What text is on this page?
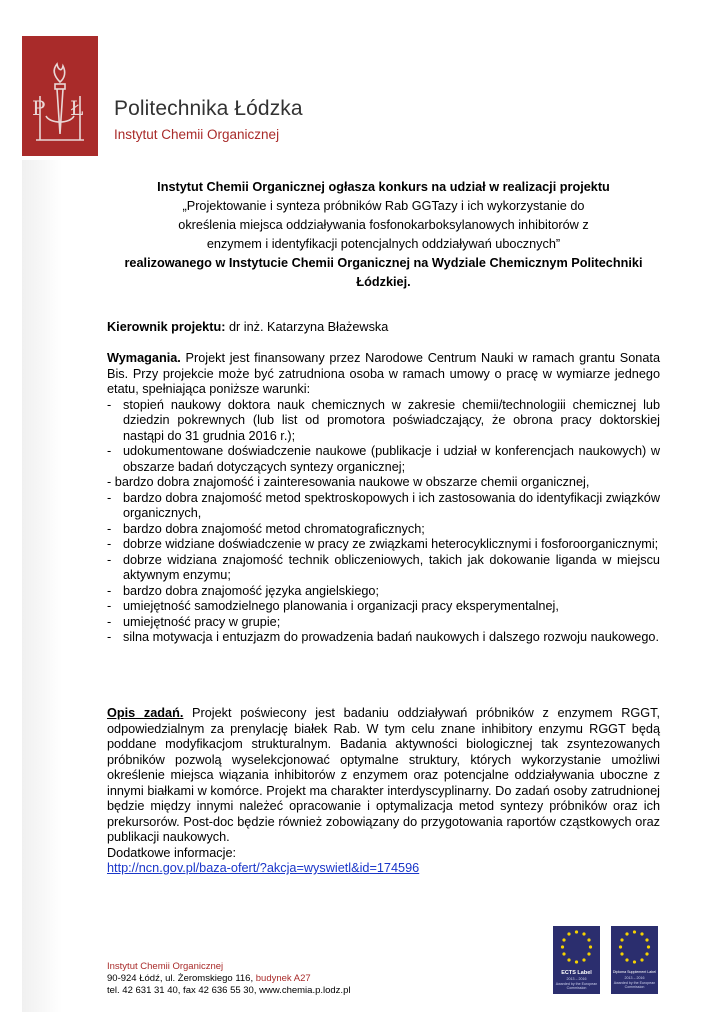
P Ł Politechnika Łódzka
Instytut Chemii Organicznej
Instytut Chemii Organicznej ogłasza konkurs na udział w realizacji projektu
„Projektowanie i synteza próbników Rab GGTazy i ich wykorzystanie do określenia miejsca oddziaływania fosfonokarboksylanowych inhibitorów z enzymem i identyfikacji potencjalnych oddziaływań ubocznych”
realizowanego w Instytucie Chemii Organicznej na Wydziale Chemicznym Politechniki Łódzkiej.
Kierownik projektu: dr inż. Katarzyna Błażewska
Wymagania. Projekt jest finansowany przez Narodowe Centrum Nauki w ramach grantu Sonata Bis. Przy projekcie może być zatrudniona osoba w ramach umowy o pracę w wymiarze jednego etatu, spełniająca poniższe warunki:
- stopień naukowy doktora nauk chemicznych w zakresie chemii/technologiii chemicznej lub dziedzin pokrewnych (lub list od promotora poświadczający, że obrona pracy doktorskiej nastąpi do 31 grudnia 2016 r.);
- udokumentowane doświadczenie naukowe (publikacje i udział w konferencjach naukowych) w obszarze badań dotyczących syntezy organicznej;
- bardzo dobra znajomość i zainteresowania naukowe w obszarze chemii organicznej,
- bardzo dobra znajomość metod spektroskopowych i ich zastosowania do identyfikacji związków organicznych,
- bardzo dobra znajomość metod chromatograficznych;
- dobrze widziane doświadczenie w pracy ze związkami heterocyklicznymi i fosforoorganicznymi;
- dobrze widziana znajomość technik obliczeniowych, takich jak dokowanie liganda w miejscu aktywnym enzymu;
- bardzo dobra znajomość języka angielskiego;
- umiejętność samodzielnego planowania i organizacji pracy eksperymentalnej,
- umiejętność pracy w grupie;
- silna motywacja i entuzjazm do prowadzenia badań naukowych i dalszego rozwoju naukowego.
Opis zadań. Projekt poświecony jest badaniu oddziaływań próbników z enzymem RGGT, odpowiedzialnym za prenylację białek Rab. W tym celu znane inhibitory enzymu RGGT będą poddane modyfikacjom strukturalnym. Badania aktywności biologicznej tak zsyntezowanych próbników pozwolą wyselekcjonować optymalne struktury, których wykorzystanie umożliwi określenie miejsca wiązania inhibitorów z enzymem oraz potencjalne oddziaływania uboczne z innymi białkami w komórce. Projekt ma charakter interdyscyplinarny. Do zadań osoby zatrudnionej będzie między innymi należeć opracowanie i optymalizacja metod syntezy próbników oraz ich prekursorów. Post-doc będzie również zobowiązany do przygotowania raportów cząstkowych oraz publikacji naukowych.
Dodatkowe informacje:
http://ncn.gov.pl/baza-ofert/?akcja=wyswietl&id=174596
Instytut Chemii Organicznej
90-924 Łódź, ul. Żeromskiego 116, budynek A27
tel. 42 631 31 40, fax 42 636 55 30, www.chemia.p.lodz.pl
ECTS Label
2013 – 2016
Awarded by the European Commission
Diploma Supplement Label
2013 – 2016
Awarded by the European Commission
